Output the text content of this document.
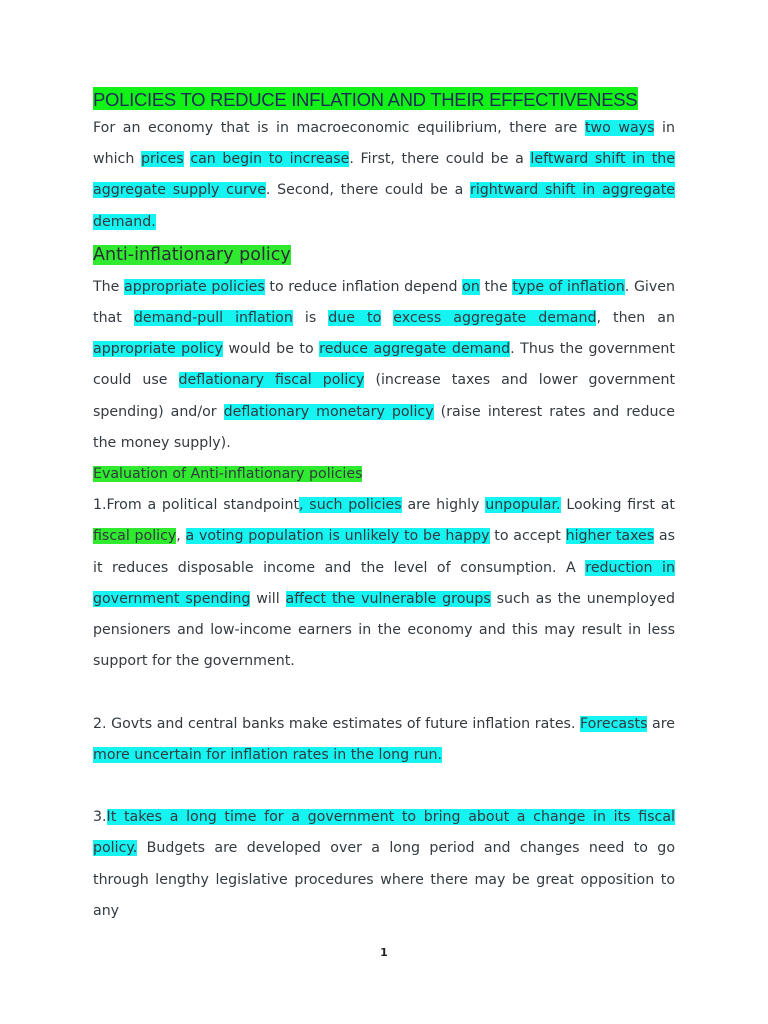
POLICIES TO REDUCE INFLATION AND THEIR EFFECTIVENESS

For an economy that is in macroeconomic equilibrium, there are two ways in which prices can begin to increase. First, there could be a leftward shift in the aggregate supply curve. Second, there could be a rightward shift in aggregate demand.

Anti-inflationary policy

The appropriate policies to reduce inflation depend on the type of inflation. Given that demand-pull inflation is due to excess aggregate demand, then an appropriate policy would be to reduce aggregate demand. Thus the government could use deflationary fiscal policy (increase taxes and lower government spending) and/or deflationary monetary policy (raise interest rates and reduce the money supply).

Evaluation of Anti-inflationary policies

1.From a political standpoint, such policies are highly unpopular. Looking first at fiscal policy, a voting population is unlikely to be happy to accept higher taxes as it reduces disposable income and the level of consumption. A reduction in government spending will affect the vulnerable groups such as the unemployed pensioners and low-income earners in the economy and this may result in less support for the government.

2. Govts and central banks make estimates of future inflation rates. Forecasts are more uncertain for inflation rates in the long run.

3.It takes a long time for a government to bring about a change in its fiscal policy. Budgets are developed over a long period and changes need to go through lengthy legislative procedures where there may be great opposition to any

1
